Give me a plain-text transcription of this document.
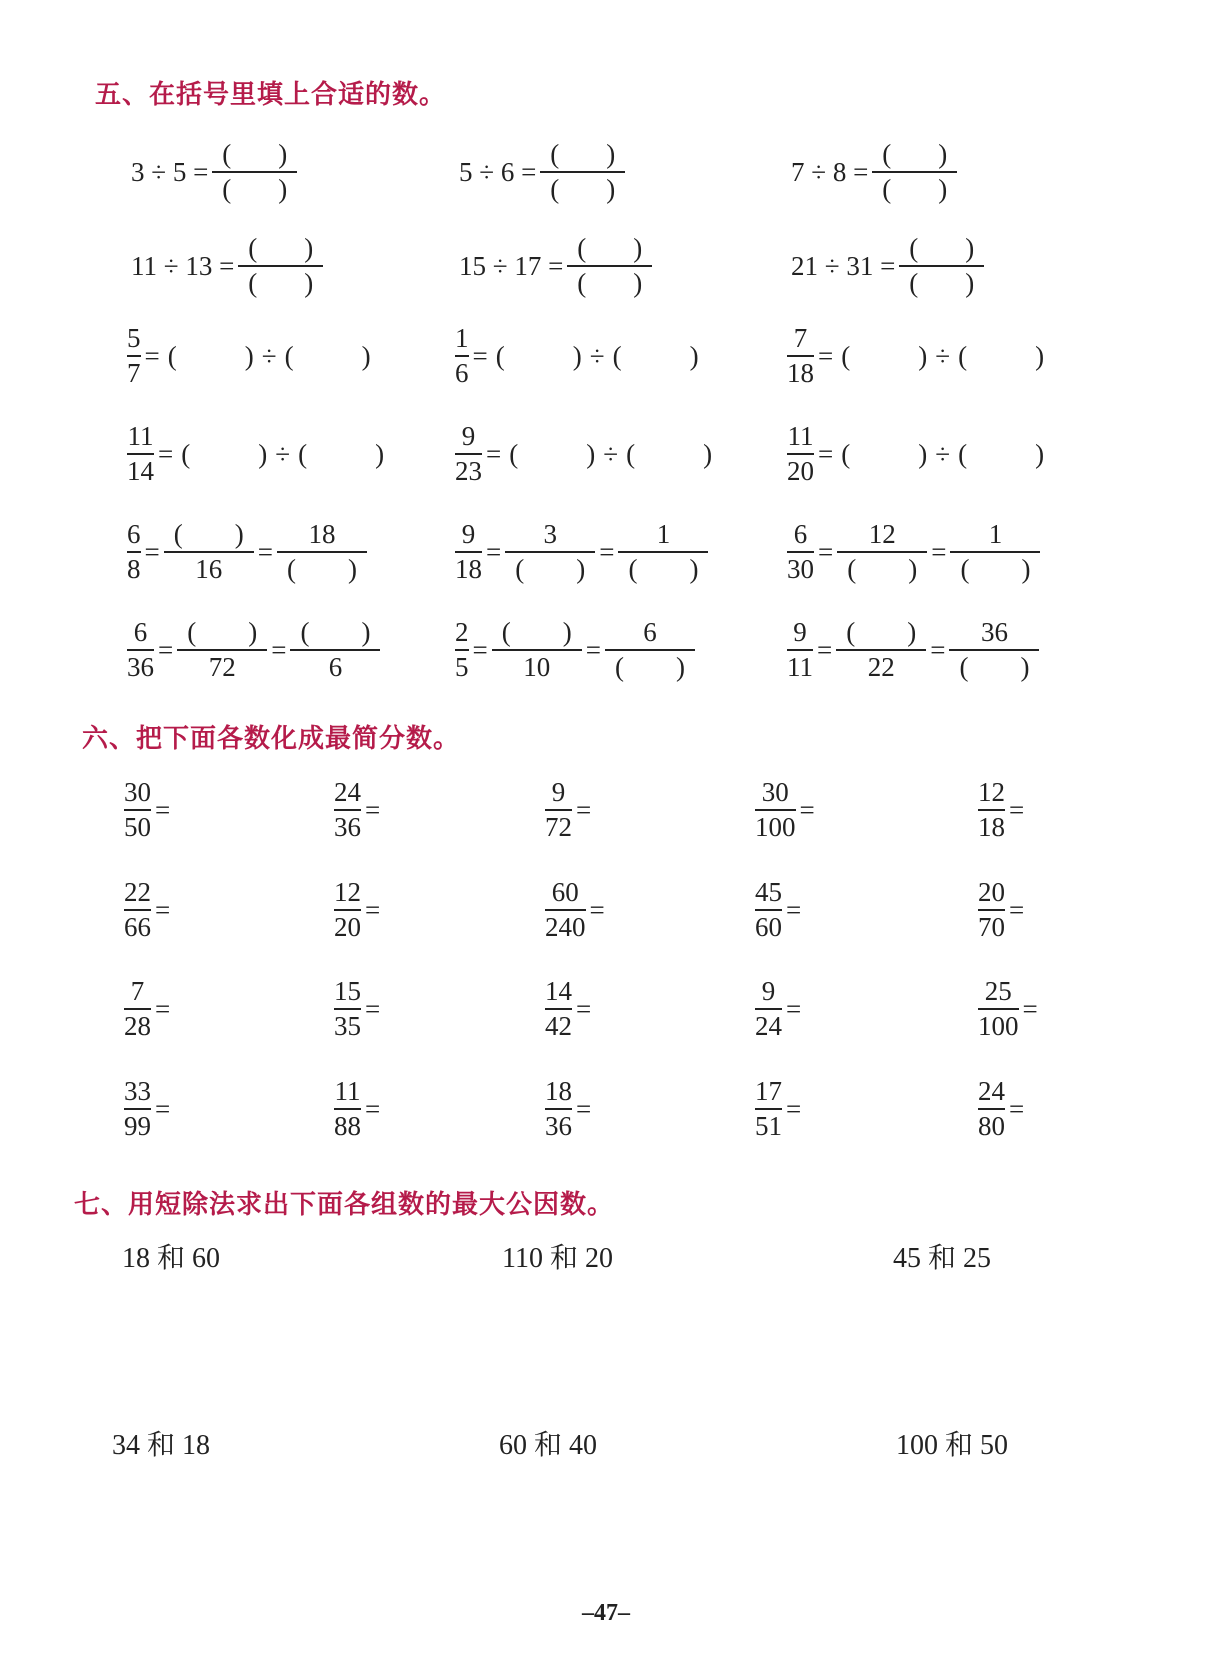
五、在括号里填上合适的数。
六、把下面各数化成最简分数。
七、用短除法求出下面各组数的最大公因数。
$3 \div 5 = \frac{( )}{( )}$	$5 \div 6 = \frac{( )}{( )}$	$7 \div 8 = \frac{( )}{( )}$
$11 \div 13 = \frac{( )}{( )}$	$15 \div 17 = \frac{( )}{( )}$	$21 \div 31 = \frac{( )}{( )}$
$\frac{5}{7}$ = (	) ÷ (	)	$\frac{1}{6}$ = (	) ÷ (	)	$\frac{7}{18}$ = (	) ÷ (	)
$\frac{11}{14}$ = (	) ÷ (	)	$\frac{9}{23}$ = (	) ÷ (	)	$\frac{11}{20}$ = (	) ÷ (	)
$\frac{6}{8} = \frac{( )}{16} = \frac{18}{( )}$	$\frac{9}{18} = \frac{3}{( )} = \frac{1}{( )}$	$\frac{6}{30} = \frac{12}{( )} = \frac{1}{( )}$
$\frac{6}{36} = \frac{( )}{72} = \frac{( )}{6}$	$\frac{2}{5} = \frac{( )}{10} = \frac{6}{( )}$	$\frac{9}{11} = \frac{( )}{22} = \frac{36}{( )}$
$\frac{30}{50}$ =	$\frac{24}{36}$ =	$\frac{9}{72}$ =	$\frac{30}{100}$ =	$\frac{12}{18}$ =
$\frac{22}{66}$ =	$\frac{12}{20}$ =	$\frac{60}{240}$ =	$\frac{45}{60}$ =	$\frac{20}{70}$ =
$\frac{7}{28}$ =	$\frac{15}{35}$ =	$\frac{14}{42}$ =	$\frac{9}{24}$ =	$\frac{25}{100}$ =
$\frac{33}{99}$ =	$\frac{11}{88}$ =	$\frac{18}{36}$ =	$\frac{17}{51}$ =	$\frac{24}{80}$ =
18 和 60	110 和 20	45 和 25
34 和 18	60 和 40	100 和 50
–47–
